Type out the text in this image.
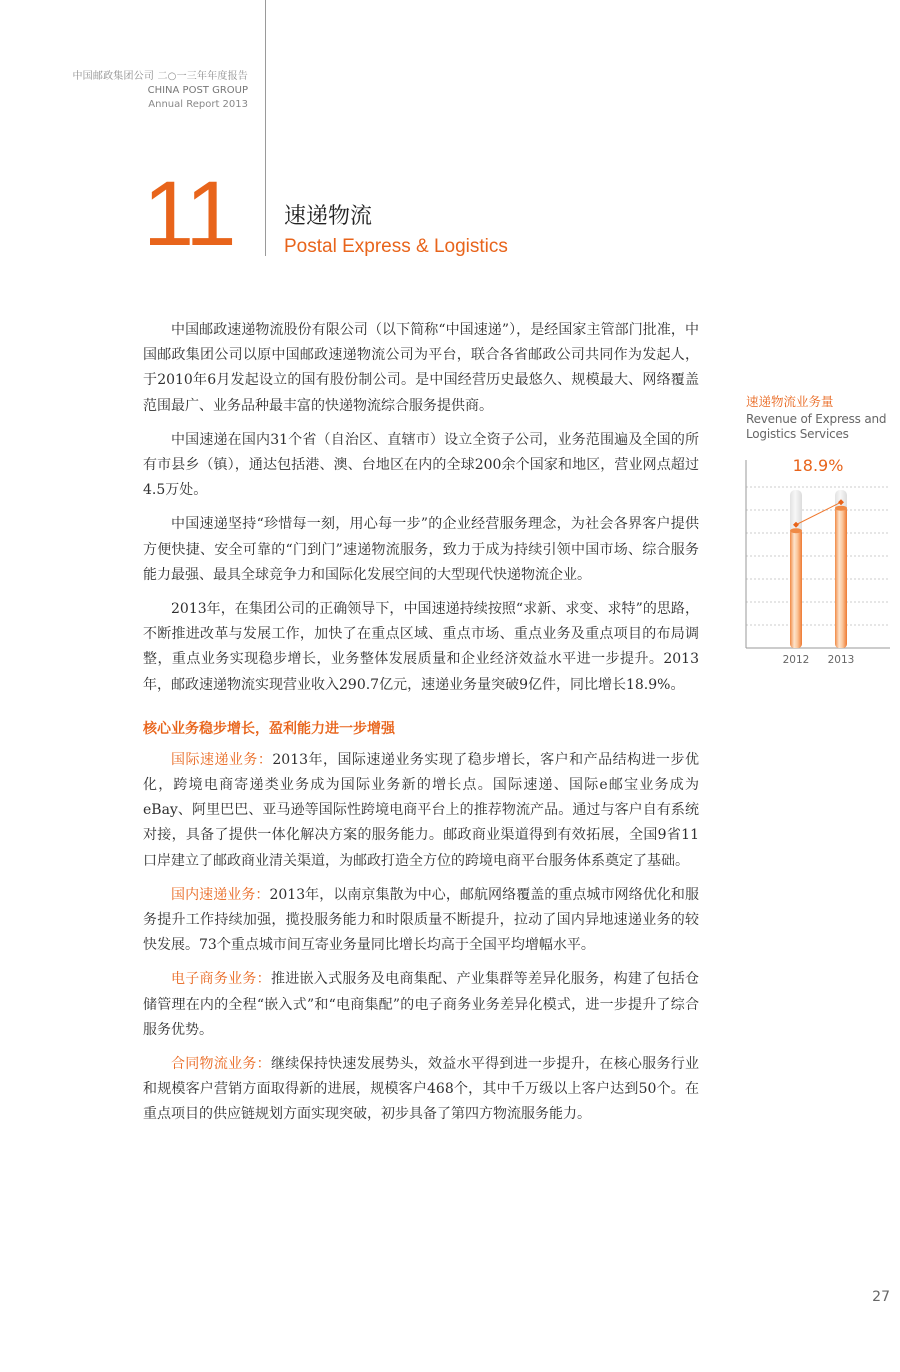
中国邮政集团公司 二○一三年年度报告
CHINA POST GROUP
Annual Report 2013
11 速递物流
Postal Express & Logistics

中国邮政速递物流股份有限公司（以下简称“中国速递”），是经国家主管部门批准，中国邮政集团公司以原中国邮政速递物流公司为平台，联合各省邮政公司共同作为发起人，于2010年6月发起设立的国有股份制公司。是中国经营历史最悠久、规模最大、网络覆盖范围最广、业务品种最丰富的快递物流综合服务提供商。

中国速递在国内31个省（自治区、直辖市）设立全资子公司，业务范围遍及全国的所有市县乡（镇），通达包括港、澳、台地区在内的全球200余个国家和地区，营业网点超过4.5万处。

中国速递坚持“珍惜每一刻，用心每一步”的企业经营服务理念，为社会各界客户提供方便快捷、安全可靠的“门到门”速递物流服务，致力于成为持续引领中国市场、综合服务能力最强、最具全球竞争力和国际化发展空间的大型现代快递物流企业。

2013年，在集团公司的正确领导下，中国速递持续按照“求新、求变、求特”的思路，不断推进改革与发展工作，加快了在重点区域、重点市场、重点业务及重点项目的布局调整，重点业务实现稳步增长，业务整体发展质量和企业经济效益水平进一步提升。2013年，邮政速递物流实现营业收入290.7亿元，速递业务量突破9亿件，同比增长18.9%。

核心业务稳步增长，盈利能力进一步增强

国际速递业务：2013年，国际速递业务实现了稳步增长，客户和产品结构进一步优化，跨境电商寄递类业务成为国际业务新的增长点。国际速递、国际e邮宝业务成为eBay、阿里巴巴、亚马逊等国际性跨境电商平台上的推荐物流产品。通过与客户自有系统对接，具备了提供一体化解决方案的服务能力。邮政商业渠道得到有效拓展，全国9省11口岸建立了邮政商业清关渠道，为邮政打造全方位的跨境电商平台服务体系奠定了基础。

国内速递业务：2013年，以南京集散为中心，邮航网络覆盖的重点城市网络优化和服务提升工作持续加强，揽投服务能力和时限质量不断提升，拉动了国内异地速递业务的较快发展。73个重点城市间互寄业务量同比增长均高于全国平均增幅水平。

电子商务业务：推进嵌入式服务及电商集配、产业集群等差异化服务，构建了包括仓储管理在内的全程“嵌入式”和“电商集配”的电子商务业务差异化模式，进一步提升了综合服务优势。

合同物流业务：继续保持快速发展势头，效益水平得到进一步提升，在核心服务行业和规模客户营销方面取得新的进展，规模客户468个，其中千万级以上客户达到50个。在重点项目的供应链规划方面实现突破，初步具备了第四方物流服务能力。

速递物流业务量
Revenue of Express and Logistics Services
2012 2013
18.9%
27
